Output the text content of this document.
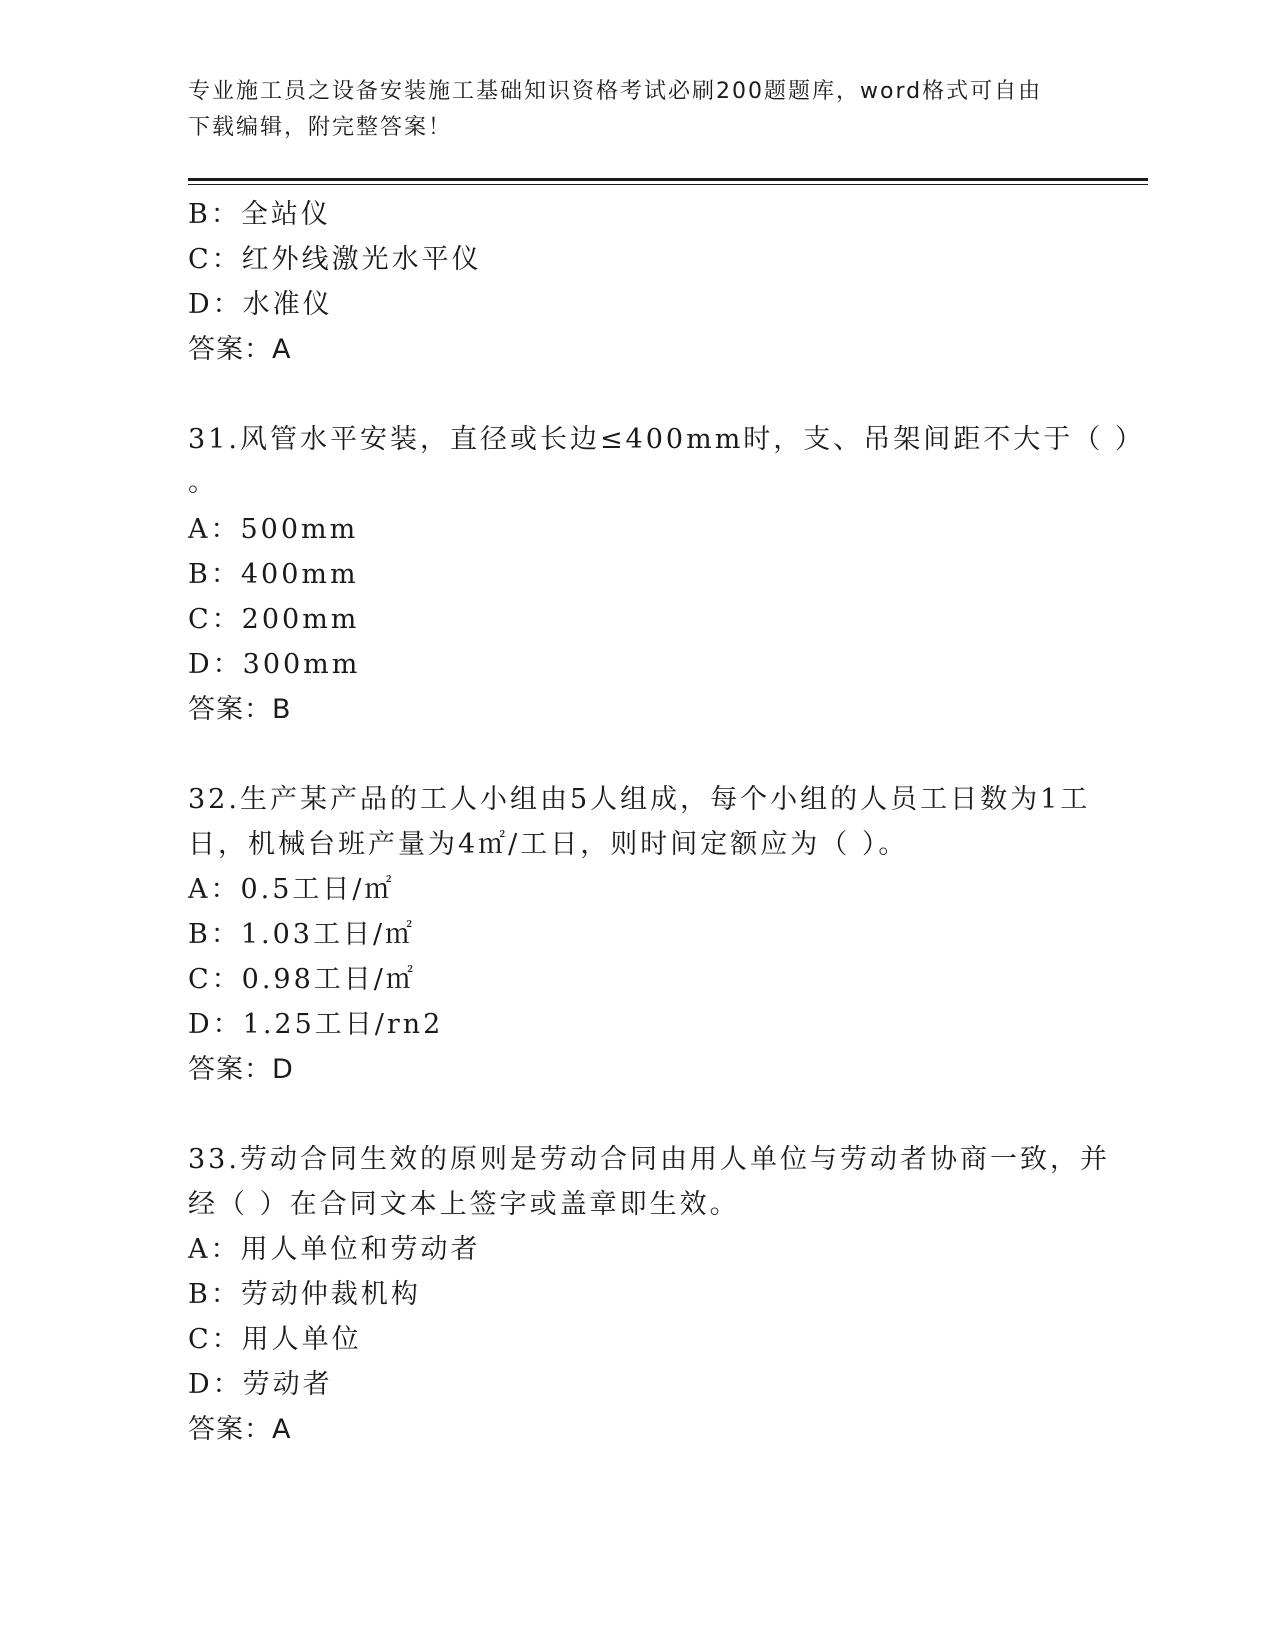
专业施工员之设备安装施工基础知识资格考试必刷200题题库，word格式可自由
下载编辑，附完整答案！
B：全站仪
C：红外线激光水平仪
D：水准仪
答案：A
31.风管水平安装，直径或长边≤400mm时，支、吊架间距不大于（ ）
。
A：500mm
B：400mm
C：200mm
D：300mm
答案：B
32.生产某产品的工人小组由5人组成，每个小组的人员工日数为1工
日，机械台班产量为4㎡/工日，则时间定额应为（ ）。
A：0.5工日/㎡
B：1.03工日/㎡
C：0.98工日/㎡
D：1.25工日/rn2
答案：D
33.劳动合同生效的原则是劳动合同由用人单位与劳动者协商一致，并
经（ ）在合同文本上签字或盖章即生效。
A：用人单位和劳动者
B：劳动仲裁机构
C：用人单位
D：劳动者
答案：A
